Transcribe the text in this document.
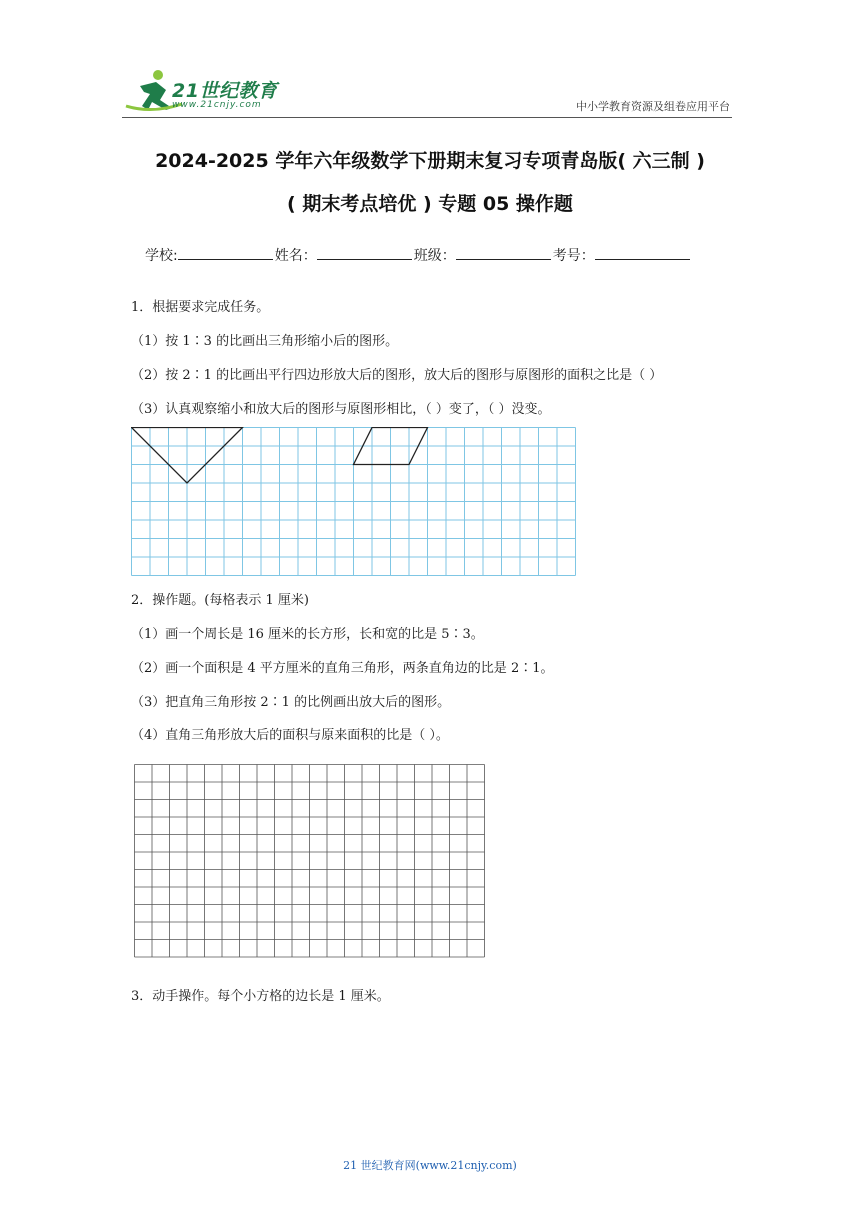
21世纪教育
www.21cnjy.com	中小学教育资源及组卷应用平台
2024-2025 学年六年级数学下册期末复习专项青岛版( 六三制 )
( 期末考点培优 ) 专题 05 操作题
学校:	姓名：	班级：	考号：
1．根据要求完成任务。
（1）按 1∶3 的比画出三角形缩小后的图形。
（2）按 2∶1 的比画出平行四边形放大后的图形，放大后的图形与原图形的面积之比是（ ）
（3）认真观察缩小和放大后的图形与原图形相比，（ ）变了，（ ）没变。
2．操作题。(每格表示 1 厘米)
（1）画一个周长是 16 厘米的长方形，长和宽的比是 5∶3。
（2）画一个面积是 4 平方厘米的直角三角形，两条直角边的比是 2∶1。
（3）把直角三角形按 2∶1 的比例画出放大后的图形。
（4）直角三角形放大后的面积与原来面积的比是（ ）。
3．动手操作。每个小方格的边长是 1 厘米。
21 世纪教育网(www.21cnjy.com)
